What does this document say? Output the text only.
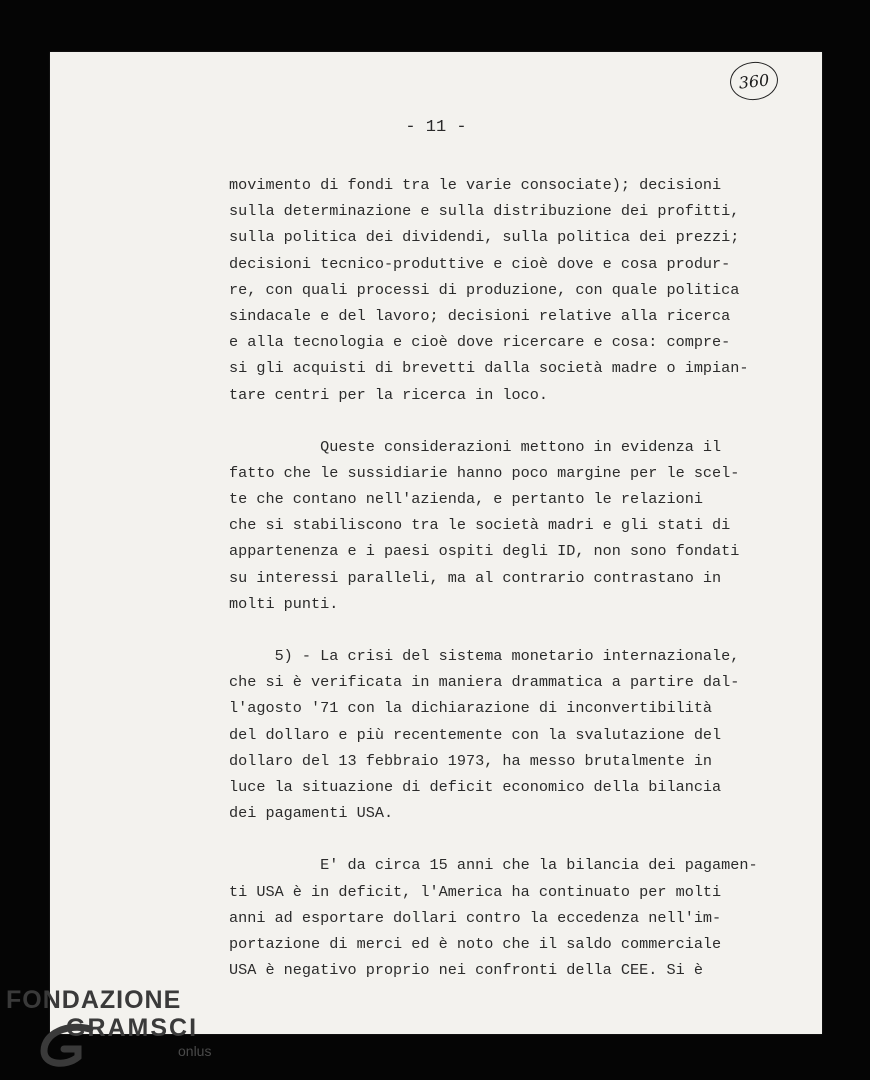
360
- 11 -
movimento di fondi tra le varie consociate); decisioni
sulla determinazione e sulla distribuzione dei profitti,
sulla politica dei dividendi, sulla politica dei prezzi;
decisioni tecnico-produttive e cioè dove e cosa produr-
re, con quali processi di produzione, con quale politica
sindacale e del lavoro; decisioni relative alla ricerca
e alla tecnologia e cioè dove ricercare e cosa: compre-
si gli acquisti di brevetti dalla società madre o impian-
tare centri per la ricerca in loco.
Queste considerazioni mettono in evidenza il
fatto che le sussidiarie hanno poco margine per le scel-
te che contano nell'azienda, e pertanto le relazioni
che si stabiliscono tra le società madri e gli stati di
appartenenza e i paesi ospiti degli ID, non sono fondati
su interessi paralleli, ma al contrario contrastano in
molti punti.
5) - La crisi del sistema monetario internazionale,
che si è verificata in maniera drammatica a partire dal-
l'agosto '71 con la dichiarazione di inconvertibilità
del dollaro e più recentemente con la svalutazione del
dollaro del 13 febbraio 1973, ha messo brutalmente in
luce la situazione di deficit economico della bilancia
dei pagamenti USA.
E' da circa 15 anni che la bilancia dei pagamen-
ti USA è in deficit, l'America ha continuato per molti
anni ad esportare dollari contro la eccedenza nell'im-
portazione di merci ed è noto che il saldo commerciale
USA è negativo proprio nei confronti della CEE. Si è
FONDAZIONE
GRAMSCI
onlus
